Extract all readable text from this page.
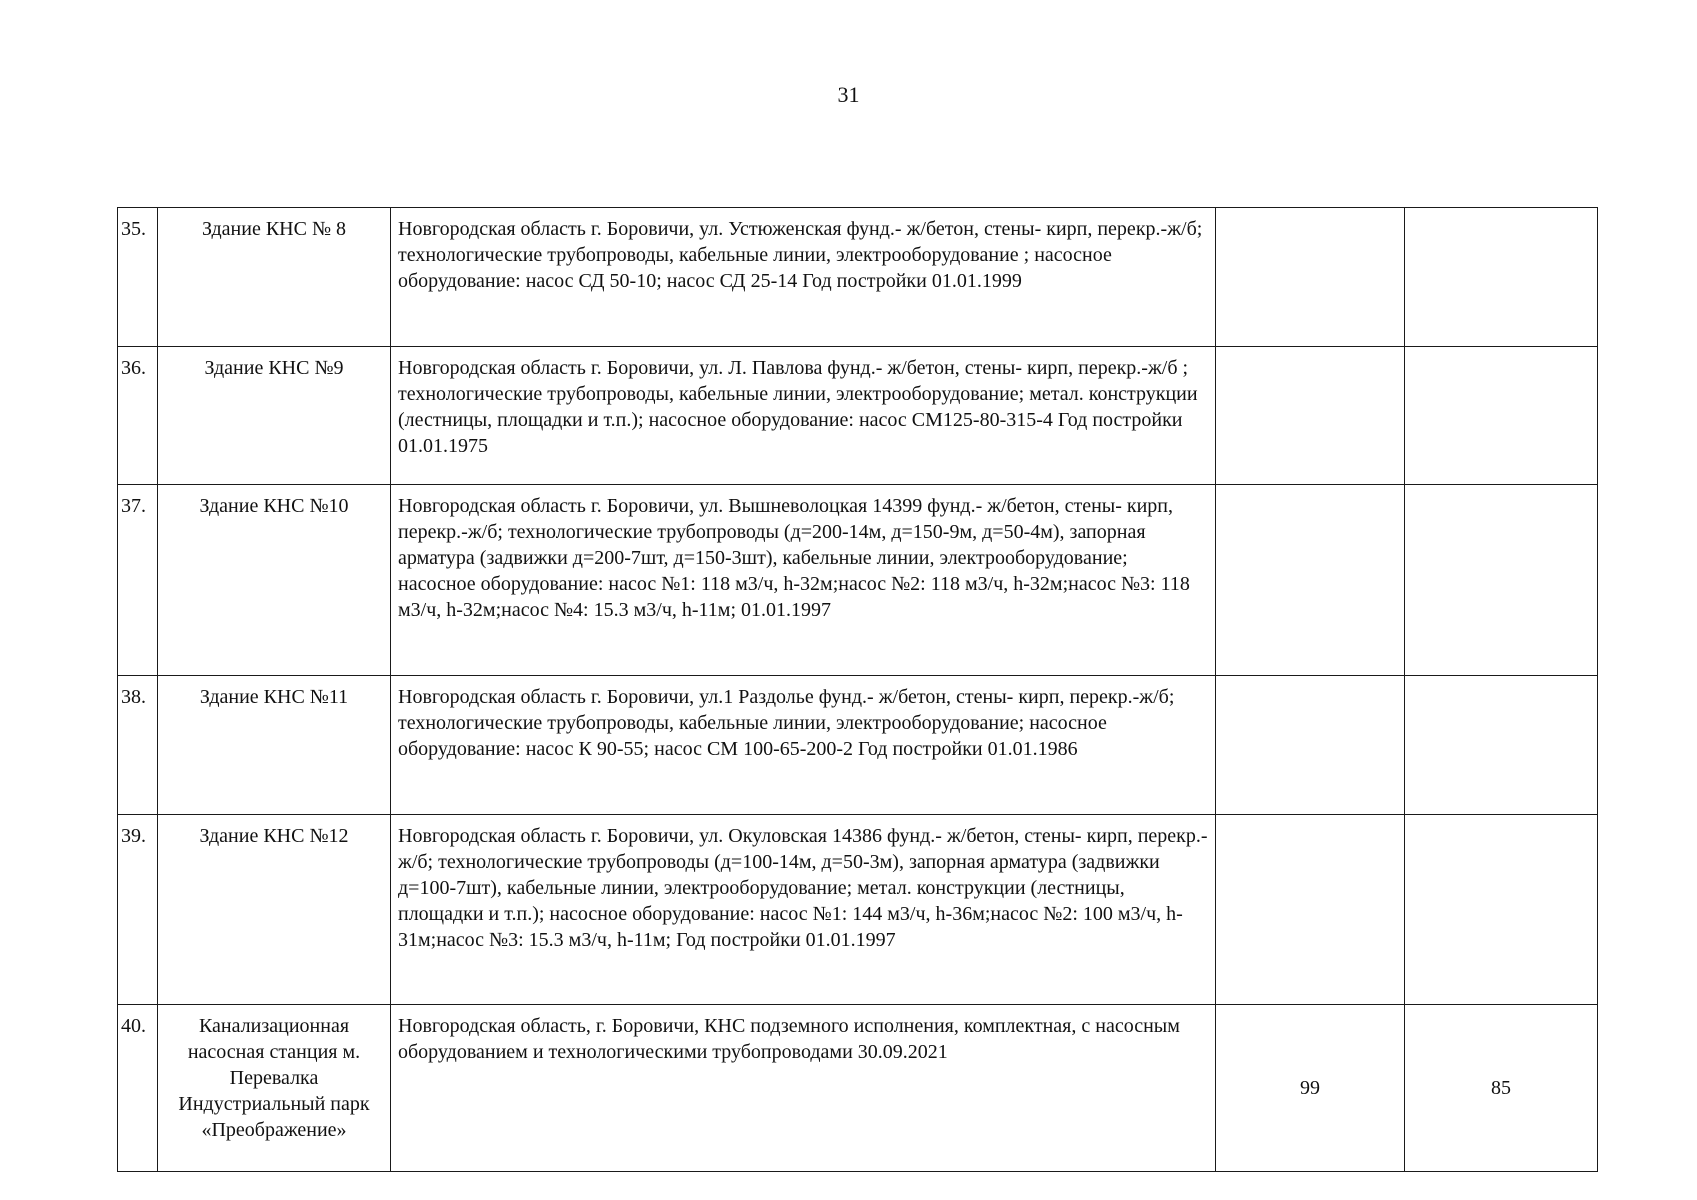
31
35.	Здание КНС № 8	Новгородская область г. Боровичи, ул. Устюженская фунд.- ж/бетон, стены- кирп, перекр.-ж/б; технологические трубопроводы, кабельные линии, электрооборудование ; насосное оборудование: насос СД 50-10; насос СД 25-14 Год постройки 01.01.1999		
36.	Здание КНС №9	Новгородская область г. Боровичи, ул. Л. Павлова фунд.- ж/бетон, стены- кирп, перекр.-ж/б ; технологические трубопроводы, кабельные линии, электрооборудование; метал. конструкции (лестницы, площадки и т.п.); насосное оборудование: насос СМ125-80-315-4 Год постройки 01.01.1975		
37.	Здание КНС №10	Новгородская область г. Боровичи, ул. Вышневолоцкая 14399 фунд.- ж/бетон, стены- кирп, перекр.-ж/б; технологические трубопроводы (д=200-14м, д=150-9м, д=50-4м), запорная арматура (задвижки д=200-7шт, д=150-3шт), кабельные линии, электрооборудование; насосное оборудование: насос №1: 118 м3/ч, h-32м;насос №2: 118 м3/ч, h-32м;насос №3: 118 м3/ч, h-32м;насос №4: 15.3 м3/ч, h-11м; 01.01.1997		
38.	Здание КНС №11	Новгородская область г. Боровичи, ул.1 Раздолье фунд.- ж/бетон, стены- кирп, перекр.-ж/б; технологические трубопроводы, кабельные линии, электрооборудование; насосное оборудование: насос К 90-55; насос СМ 100-65-200-2 Год постройки 01.01.1986		
39.	Здание КНС №12	Новгородская область г. Боровичи, ул. Окуловская 14386 фунд.- ж/бетон, стены- кирп, перекр.-ж/б; технологические трубопроводы (д=100-14м, д=50-3м), запорная арматура (задвижки д=100-7шт), кабельные линии, электрооборудование; метал. конструкции (лестницы, площадки и т.п.); насосное оборудование: насос №1: 144 м3/ч, h-36м;насос №2: 100 м3/ч, h-31м;насос №3: 15.3 м3/ч, h-11м; Год постройки 01.01.1997		
40.	Канализационная насосная станция м. Перевалка Индустриальный парк «Преображение»	Новгородская область, г. Боровичи, КНС подземного исполнения, комплектная, с насосным оборудованием и технологическими трубопроводами 30.09.2021	99	85
